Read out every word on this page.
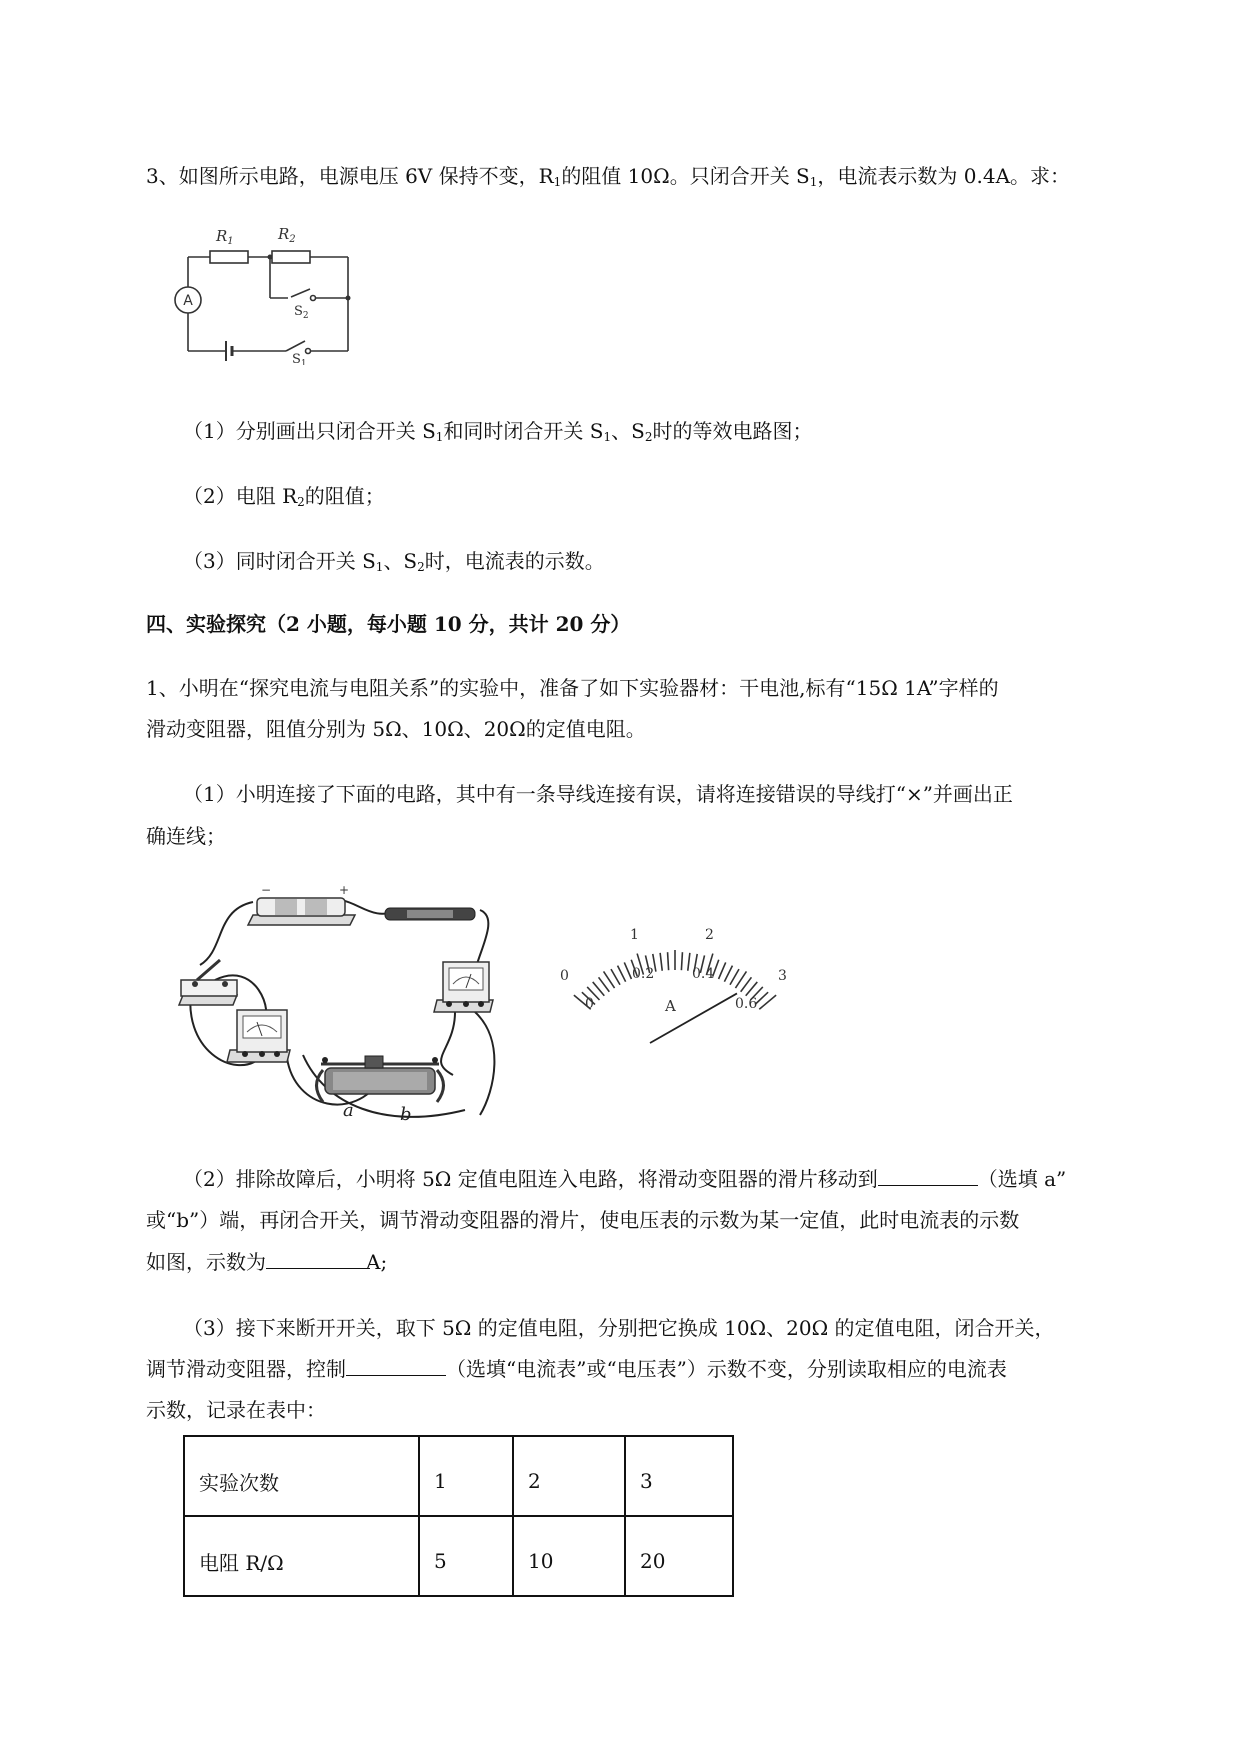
3、如图所示电路，电源电压 6V 保持不变，$R_1$的阻值 10Ω。只闭合开关 $S_1$，电流表示数为 0.4A。求：
A
$R_1$	$R_2$
$S_2$
$S_1$
（1）分别画出只闭合开关 $S_1$和同时闭合开关 $S_1$、$S_2$时的等效电路图；
（2）电阻 $R_2$的阻值；
（3）同时闭合开关 $S_1$、$S_2$时，电流表的示数。
四、实验探究（2 小题，每小题 10 分，共计 20 分）
1、小明在“探究电流与电阻关系”的实验中，准备了如下实验器材：干电池,标有“15Ω 1A”字样的
滑动变阻器，阻值分别为 5Ω、10Ω、20Ω的定值电阻。
（1）小明连接了下面的电路，其中有一条导线连接有误，请将连接错误的导线打“×”并画出正
确连线；
−	+
a	b
0
1	2
3
0
0.2	0.4
0.6
A
（2）排除故障后，小明将 5Ω 定值电阻连入电路，将滑动变阻器的滑片移动到	（选填 a”
或“b”）端，再闭合开关，调节滑动变阻器的滑片，使电压表的示数为某一定值，此时电流表的示数
如图，示数为	A;
（3）接下来断开开关，取下 5Ω 的定值电阻，分别把它换成 10Ω、20Ω 的定值电阻，闭合开关，
调节滑动变阻器，控制	（选填“电流表”或“电压表”）示数不变，分别读取相应的电流表
示数，记录在表中：
实验次数	1	2	3
电阻 R/Ω	5	10	20
